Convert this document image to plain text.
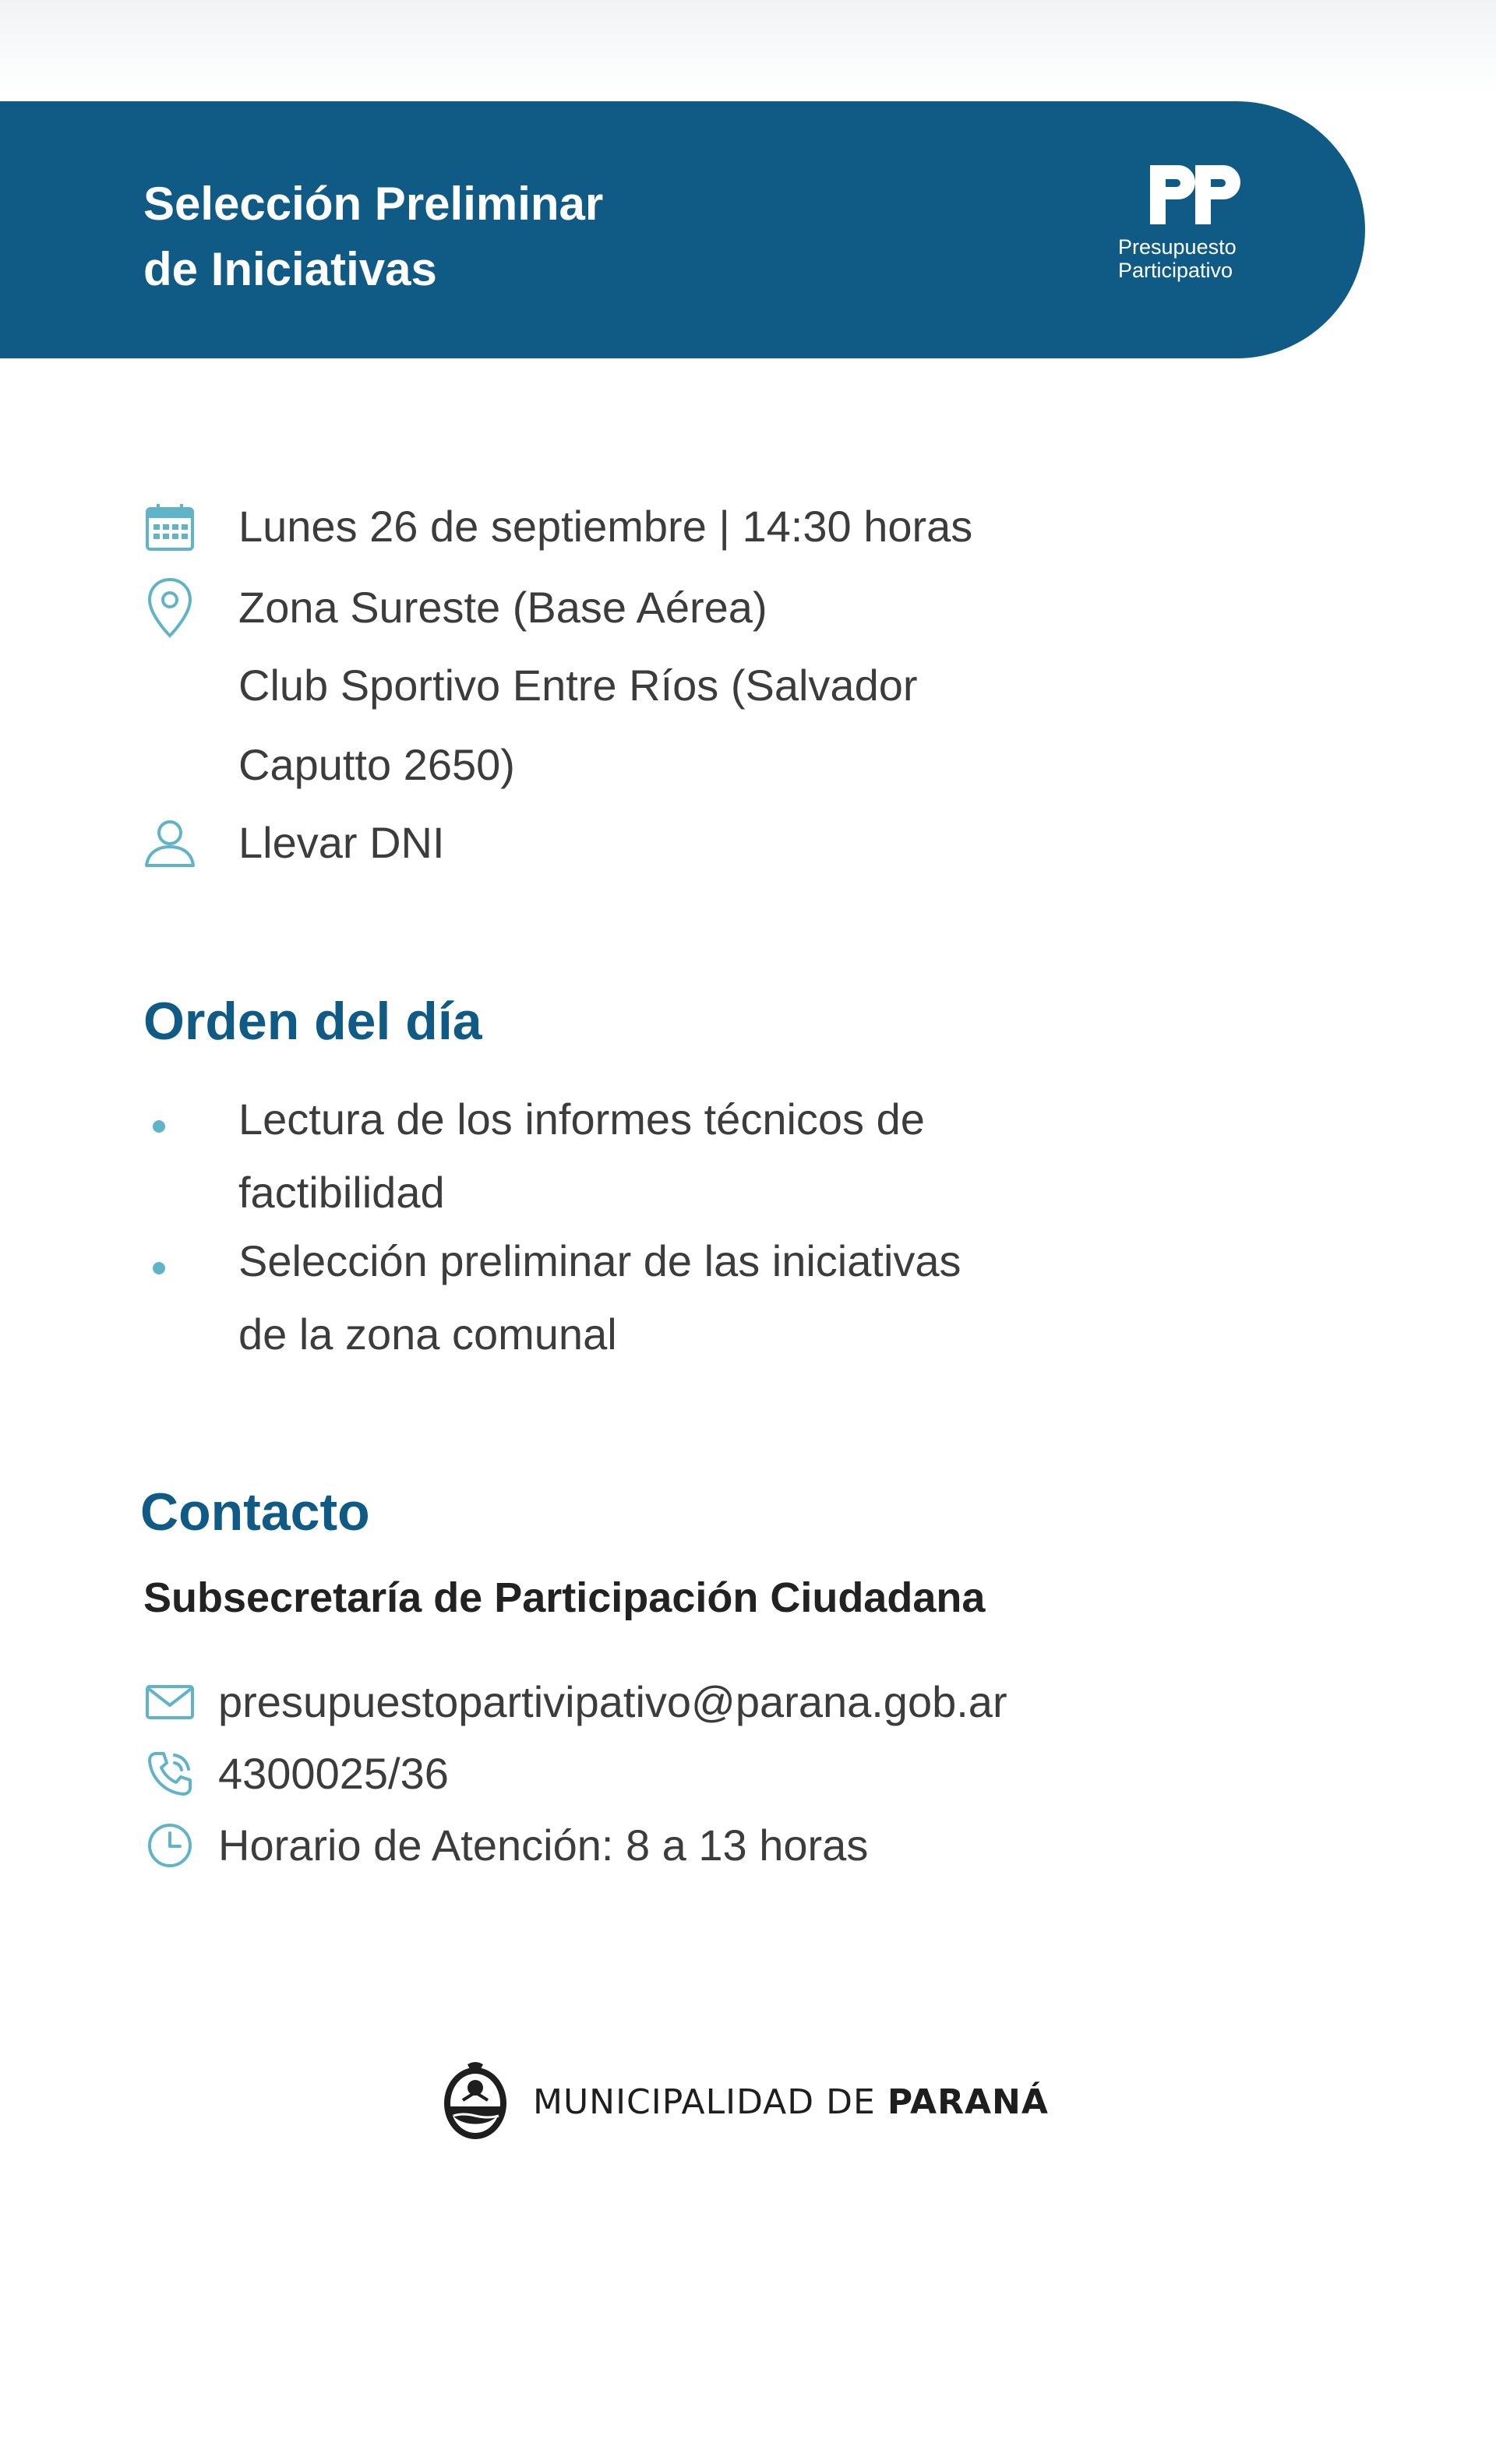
Selección Preliminar
de Iniciativas	Presupuesto
Participativo
Lunes 26 de septiembre | 14:30 horas
Zona Sureste (Base Aérea)
Club Sportivo Entre Ríos (Salvador
Caputto 2650)
Llevar DNI
Orden del día
Lectura de los informes técnicos de
factibilidad
Selección preliminar de las iniciativas
de la zona comunal
Contacto
Subsecretaría de Participación Ciudadana
presupuestopartivipativo@parana.gob.ar
4300025/36
Horario de Atención: 8 a 13 horas
MUNICIPALIDAD DE PARANÁ
